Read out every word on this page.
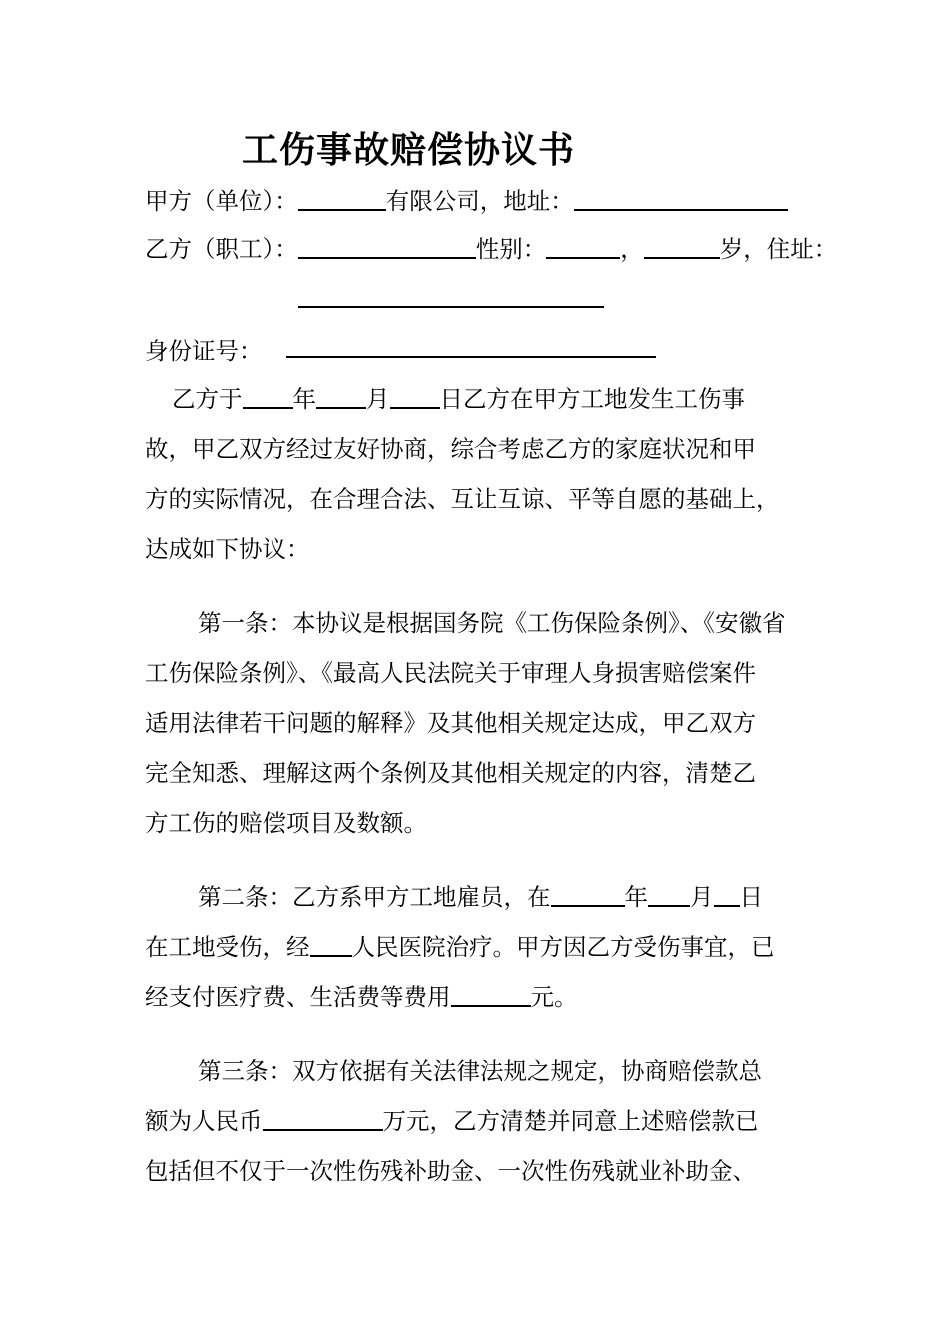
工伤事故赔偿协议书
甲方（单位）：	有限公司，地址：
乙方（职工）：	性别：	，	岁，住址：
身份证号：
乙方于 年 月 日乙方在甲方工地发生工伤事
故，甲乙双方经过友好协商，综合考虑乙方的家庭状况和甲
方的实际情况，在合理合法、互让互谅、平等自愿的基础上，
达成如下协议：
第一条：本协议是根据国务院《工伤保险条例》、《安徽省
工伤保险条例》、《最高人民法院关于审理人身损害赔偿案件
适用法律若干问题的解释》及其他相关规定达成，甲乙双方
完全知悉、理解这两个条例及其他相关规定的内容，清楚乙
方工伤的赔偿项目及数额。
第二条：乙方系甲方工地雇员，在	年 月 日
在工地受伤，经 人民医院治疗。甲方因乙方受伤事宜，已
经支付医疗费、生活费等费用	元。
第三条：双方依据有关法律法规之规定，协商赔偿款总
额为人民币	万元，乙方清楚并同意上述赔偿款已
包括但不仅于一次性伤残补助金、一次性伤残就业补助金、
